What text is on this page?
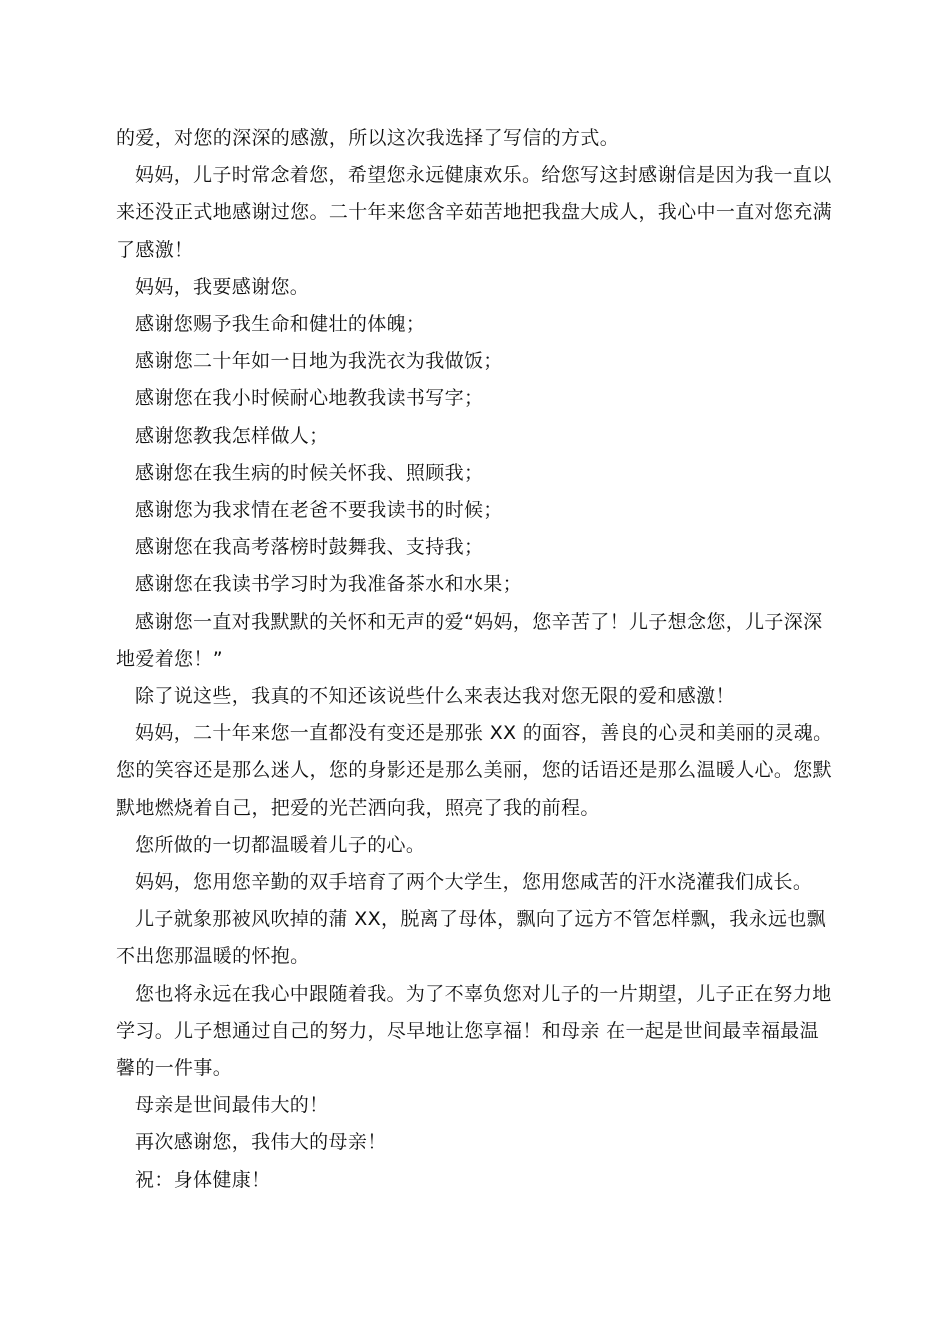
的爱，对您的深深的感激，所以这次我选择了写信的方式。

妈妈，儿子时常念着您，希望您永远健康欢乐。给您写这封感谢信是因为我一直以来还没正式地感谢过您。二十年来您含辛茹苦地把我盘大成人，我心中一直对您充满了感激！

妈妈，我要感谢您。

感谢您赐予我生命和健壮的体魄；

感谢您二十年如一日地为我洗衣为我做饭；

感谢您在我小时候耐心地教我读书写字；

感谢您教我怎样做人；

感谢您在我生病的时候关怀我、照顾我；

感谢您为我求情在老爸不要我读书的时候；

感谢您在我高考落榜时鼓舞我、支持我；

感谢您在我读书学习时为我准备茶水和水果；

感谢您一直对我默默的关怀和无声的爱“妈妈，您辛苦了！儿子想念您，儿子深深地爱着您！”

除了说这些，我真的不知还该说些什么来表达我对您无限的爱和感激！

妈妈，二十年来您一直都没有变还是那张 XX 的面容，善良的心灵和美丽的灵魂。您的笑容还是那么迷人，您的身影还是那么美丽，您的话语还是那么温暖人心。您默默地燃烧着自己，把爱的光芒洒向我，照亮了我的前程。

您所做的一切都温暖着儿子的心。

妈妈，您用您辛勤的双手培育了两个大学生，您用您咸苦的汗水浇灌我们成长。

儿子就象那被风吹掉的蒲 XX，脱离了母体，飘向了远方不管怎样飘，我永远也飘不出您那温暖的怀抱。

您也将永远在我心中跟随着我。为了不辜负您对儿子的一片期望，儿子正在努力地学习。儿子想通过自己的努力，尽早地让您享福！和母亲 在一起是世间最幸福最温馨的一件事。

母亲是世间最伟大的！

再次感谢您，我伟大的母亲！

祝：身体健康！
